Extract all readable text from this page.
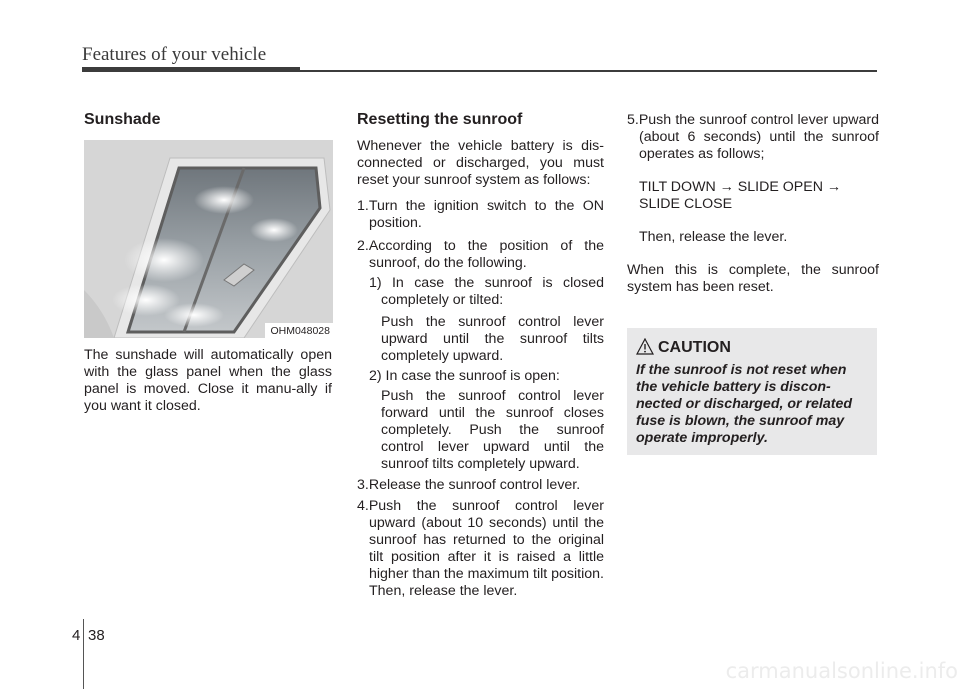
Features of your vehicle
Sunshade
OHM048028

The sunshade will automatically open with the glass panel when the glass panel is moved. Close it manu-ally if you want it closed.

Resetting the sunroof

Whenever the vehicle battery is dis-connected or discharged, you must reset your sunroof system as follows:

1.Turn the ignition switch to the ON position.

2.According to the position of the sunroof, do the following.

1) In case the sunroof is closed completely or tilted:

Push the sunroof control lever upward until the sunroof tilts completely upward.

2) In case the sunroof is open:

Push the sunroof control lever forward until the sunroof closes completely. Push the sunroof control lever upward until the sunroof tilts completely upward.

3.Release the sunroof control lever.

4.Push the sunroof control lever upward (about 10 seconds) until the sunroof has returned to the original tilt position after it is raised a little higher than the maximum tilt position. Then, release the lever.

5.Push the sunroof control lever upward (about 6 seconds) until the sunroof operates as follows;

TILT DOWN → SLIDE OPEN → SLIDE CLOSE

Then, release the lever.

When this is complete, the sunroof system has been reset.

CAUTION
If the sunroof is not reset when the vehicle battery is discon-nected or discharged, or related fuse is blown, the sunroof may operate improperly.
4 38
carmanualsonline.info
